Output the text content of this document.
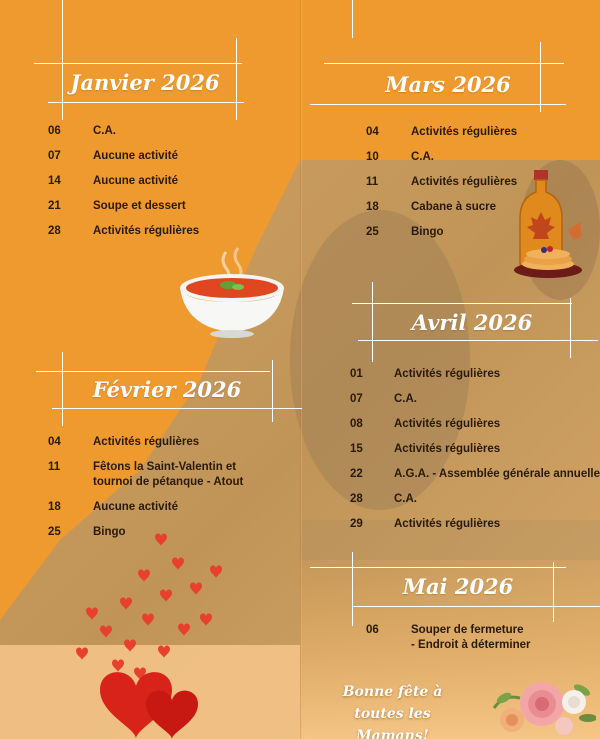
Janvier 2026
06	C.A.
07	Aucune activité
14	Aucune activité
21	Soupe et dessert
28	Activités régulières
Février 2026
04	Activités régulières
11	Fêtons la Saint-Valentin et
tournoi de pétanque - Atout
18	Aucune activité
25	Bingo
Mars 2026
04	Activités régulières
10	C.A.
11	Activités régulières
18	Cabane à sucre
25	Bingo
Avril 2026
01	Activités régulières
07	C.A.
08	Activités régulières
15	Activités régulières
22	A.G.A. - Assemblée générale annuelle
28	C.A.
29	Activités régulières
Mai 2026
06	Souper de fermeture
- Endroit à déterminer
Bonne fête à
toutes les Mamans!
